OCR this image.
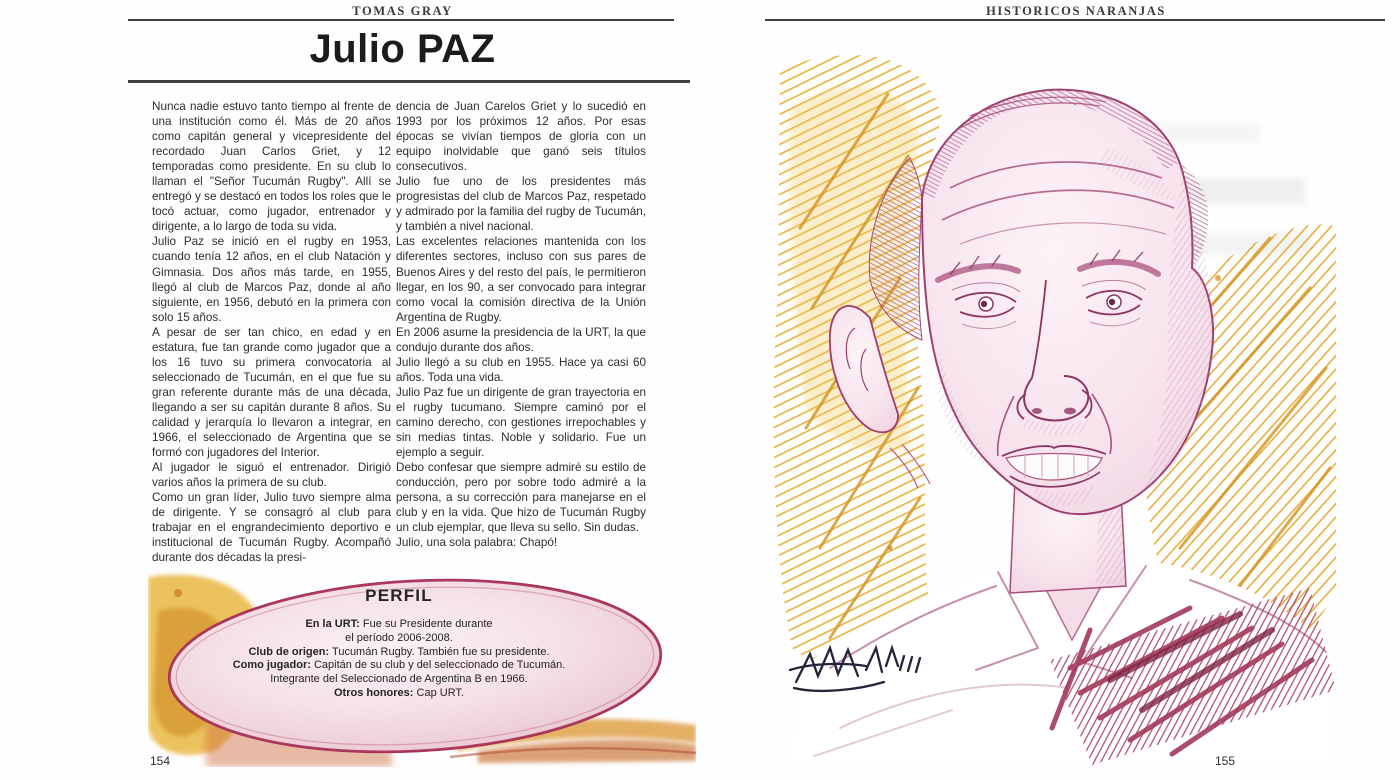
TOMAS GRAY
Julio PAZ

Nunca nadie estuvo tanto tiempo al frente de una institución como él. Más de 20 años como capitán general y vicepresidente del recordado Juan Carlos Griet, y 12 temporadas como presidente. En su club lo llaman el "Señor Tucumán Rugby". Allí se entregó y se destacó en todos los roles que le tocó actuar, como jugador, entrenador y dirigente, a lo largo de toda su vida.

Julio Paz se inició en el rugby en 1953, cuando tenía 12 años, en el club Natación y Gimnasia. Dos años más tarde, en 1955, llegó al club de Marcos Paz, donde al año siguiente, en 1956, debutó en la primera con solo 15 años.

A pesar de ser tan chico, en edad y en estatura, fue tan grande como jugador que a los 16 tuvo su primera convocatoria al seleccionado de Tucumán, en el que fue su gran referente durante más de una década, llegando a ser su capitán durante 8 años. Su calidad y jerarquía lo llevaron a integrar, en 1966, el seleccionado de Argentina que se formó con jugadores del Interior.

Al jugador le siguó el entrenador. Dirigió varios años la primera de su club.

Como un gran líder, Julio tuvo siempre alma de dirigente. Y se consagró al club para trabajar en el engrandecimiento deportivo e institucional de Tucumán Rugby. Acompañó durante dos décadas la presi-

dencia de Juan Carelos Griet y lo sucedió en 1993 por los próximos 12 años. Por esas épocas se vivían tiempos de gloria con un equipo inolvidable que ganó seis títulos consecutivos.

Julio fue uno de los presidentes más progresistas del club de Marcos Paz, respetado y admirado por la familia del rugby de Tucumán, y también a nivel nacional.

Las excelentes relaciones mantenida con los diferentes sectores, incluso con sus pares de Buenos Aires y del resto del país, le permitieron llegar, en los 90, a ser convocado para integrar como vocal la comisión directiva de la Unión Argentina de Rugby.

En 2006 asume la presidencia de la URT, la que condujo durante dos años.

Julio llegó a su club en 1955. Hace ya casi 60 años. Toda una vida.

Julio Paz fue un dirigente de gran trayectoria en el rugby tucumano. Siempre caminó por el camino derecho, con gestiones irrepochables y sin medias tintas. Noble y solidario. Fue un ejemplo a seguir.

Debo confesar que siempre admiré su estilo de conducción, pero por sobre todo admiré a la persona, a su corrección para manejarse en el club y en la vida. Que hizo de Tucumán Rugby un club ejemplar, que lleva su sello. Sin dudas.

Julio, una sola palabra: Chapó!

PERFIL
En la URT: Fue su Presidente durante
el período 2006-2008.
Club de origen: Tucumán Rugby. También fue su presidente.
Como jugador: Capitán de su club y del seleccionado de Tucumán.
Integrante del Seleccionado de Argentina B en 1966.
Otros honores: Cap URT.
154
HISTORICOS NARANJAS
155
